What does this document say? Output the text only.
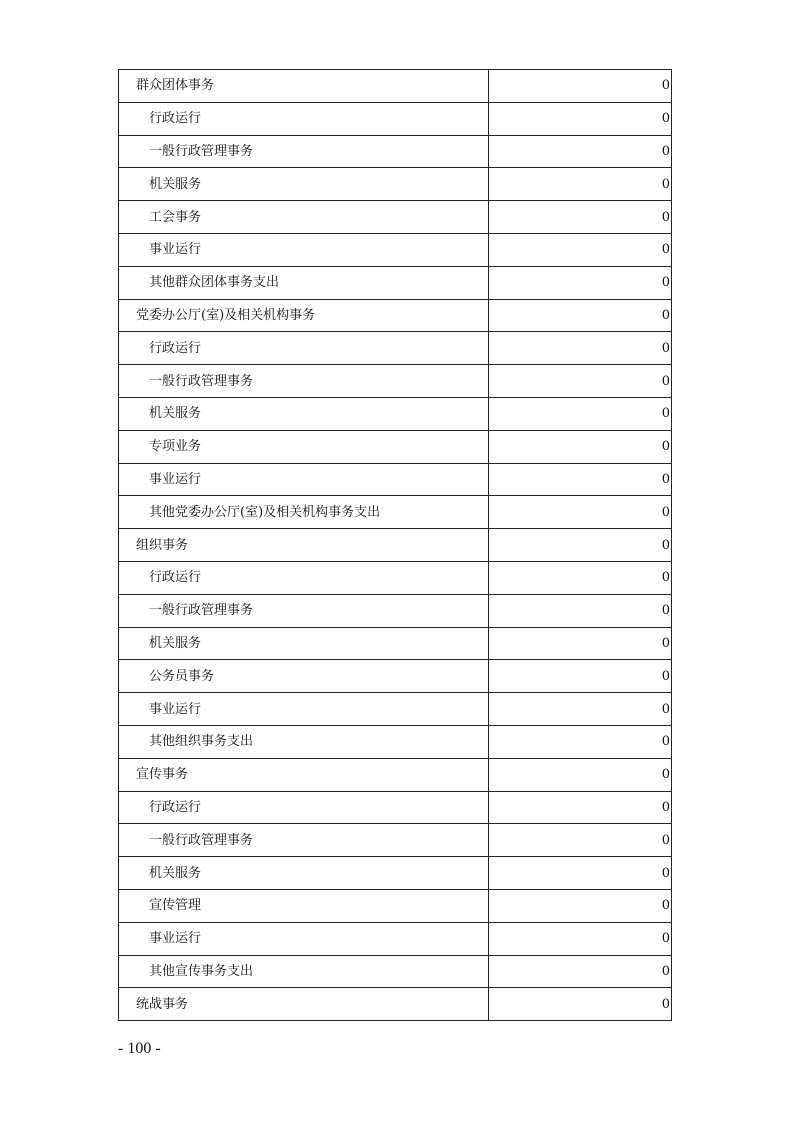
群众团体事务	0
行政运行	0
一般行政管理事务	0
机关服务	0
工会事务	0
事业运行	0
其他群众团体事务支出	0
党委办公厅(室)及相关机构事务	0
行政运行	0
一般行政管理事务	0
机关服务	0
专项业务	0
事业运行	0
其他党委办公厅(室)及相关机构事务支出	0
组织事务	0
行政运行	0
一般行政管理事务	0
机关服务	0
公务员事务	0
事业运行	0
其他组织事务支出	0
宣传事务	0
行政运行	0
一般行政管理事务	0
机关服务	0
宣传管理	0
事业运行	0
其他宣传事务支出	0
统战事务	0
- 100 -
